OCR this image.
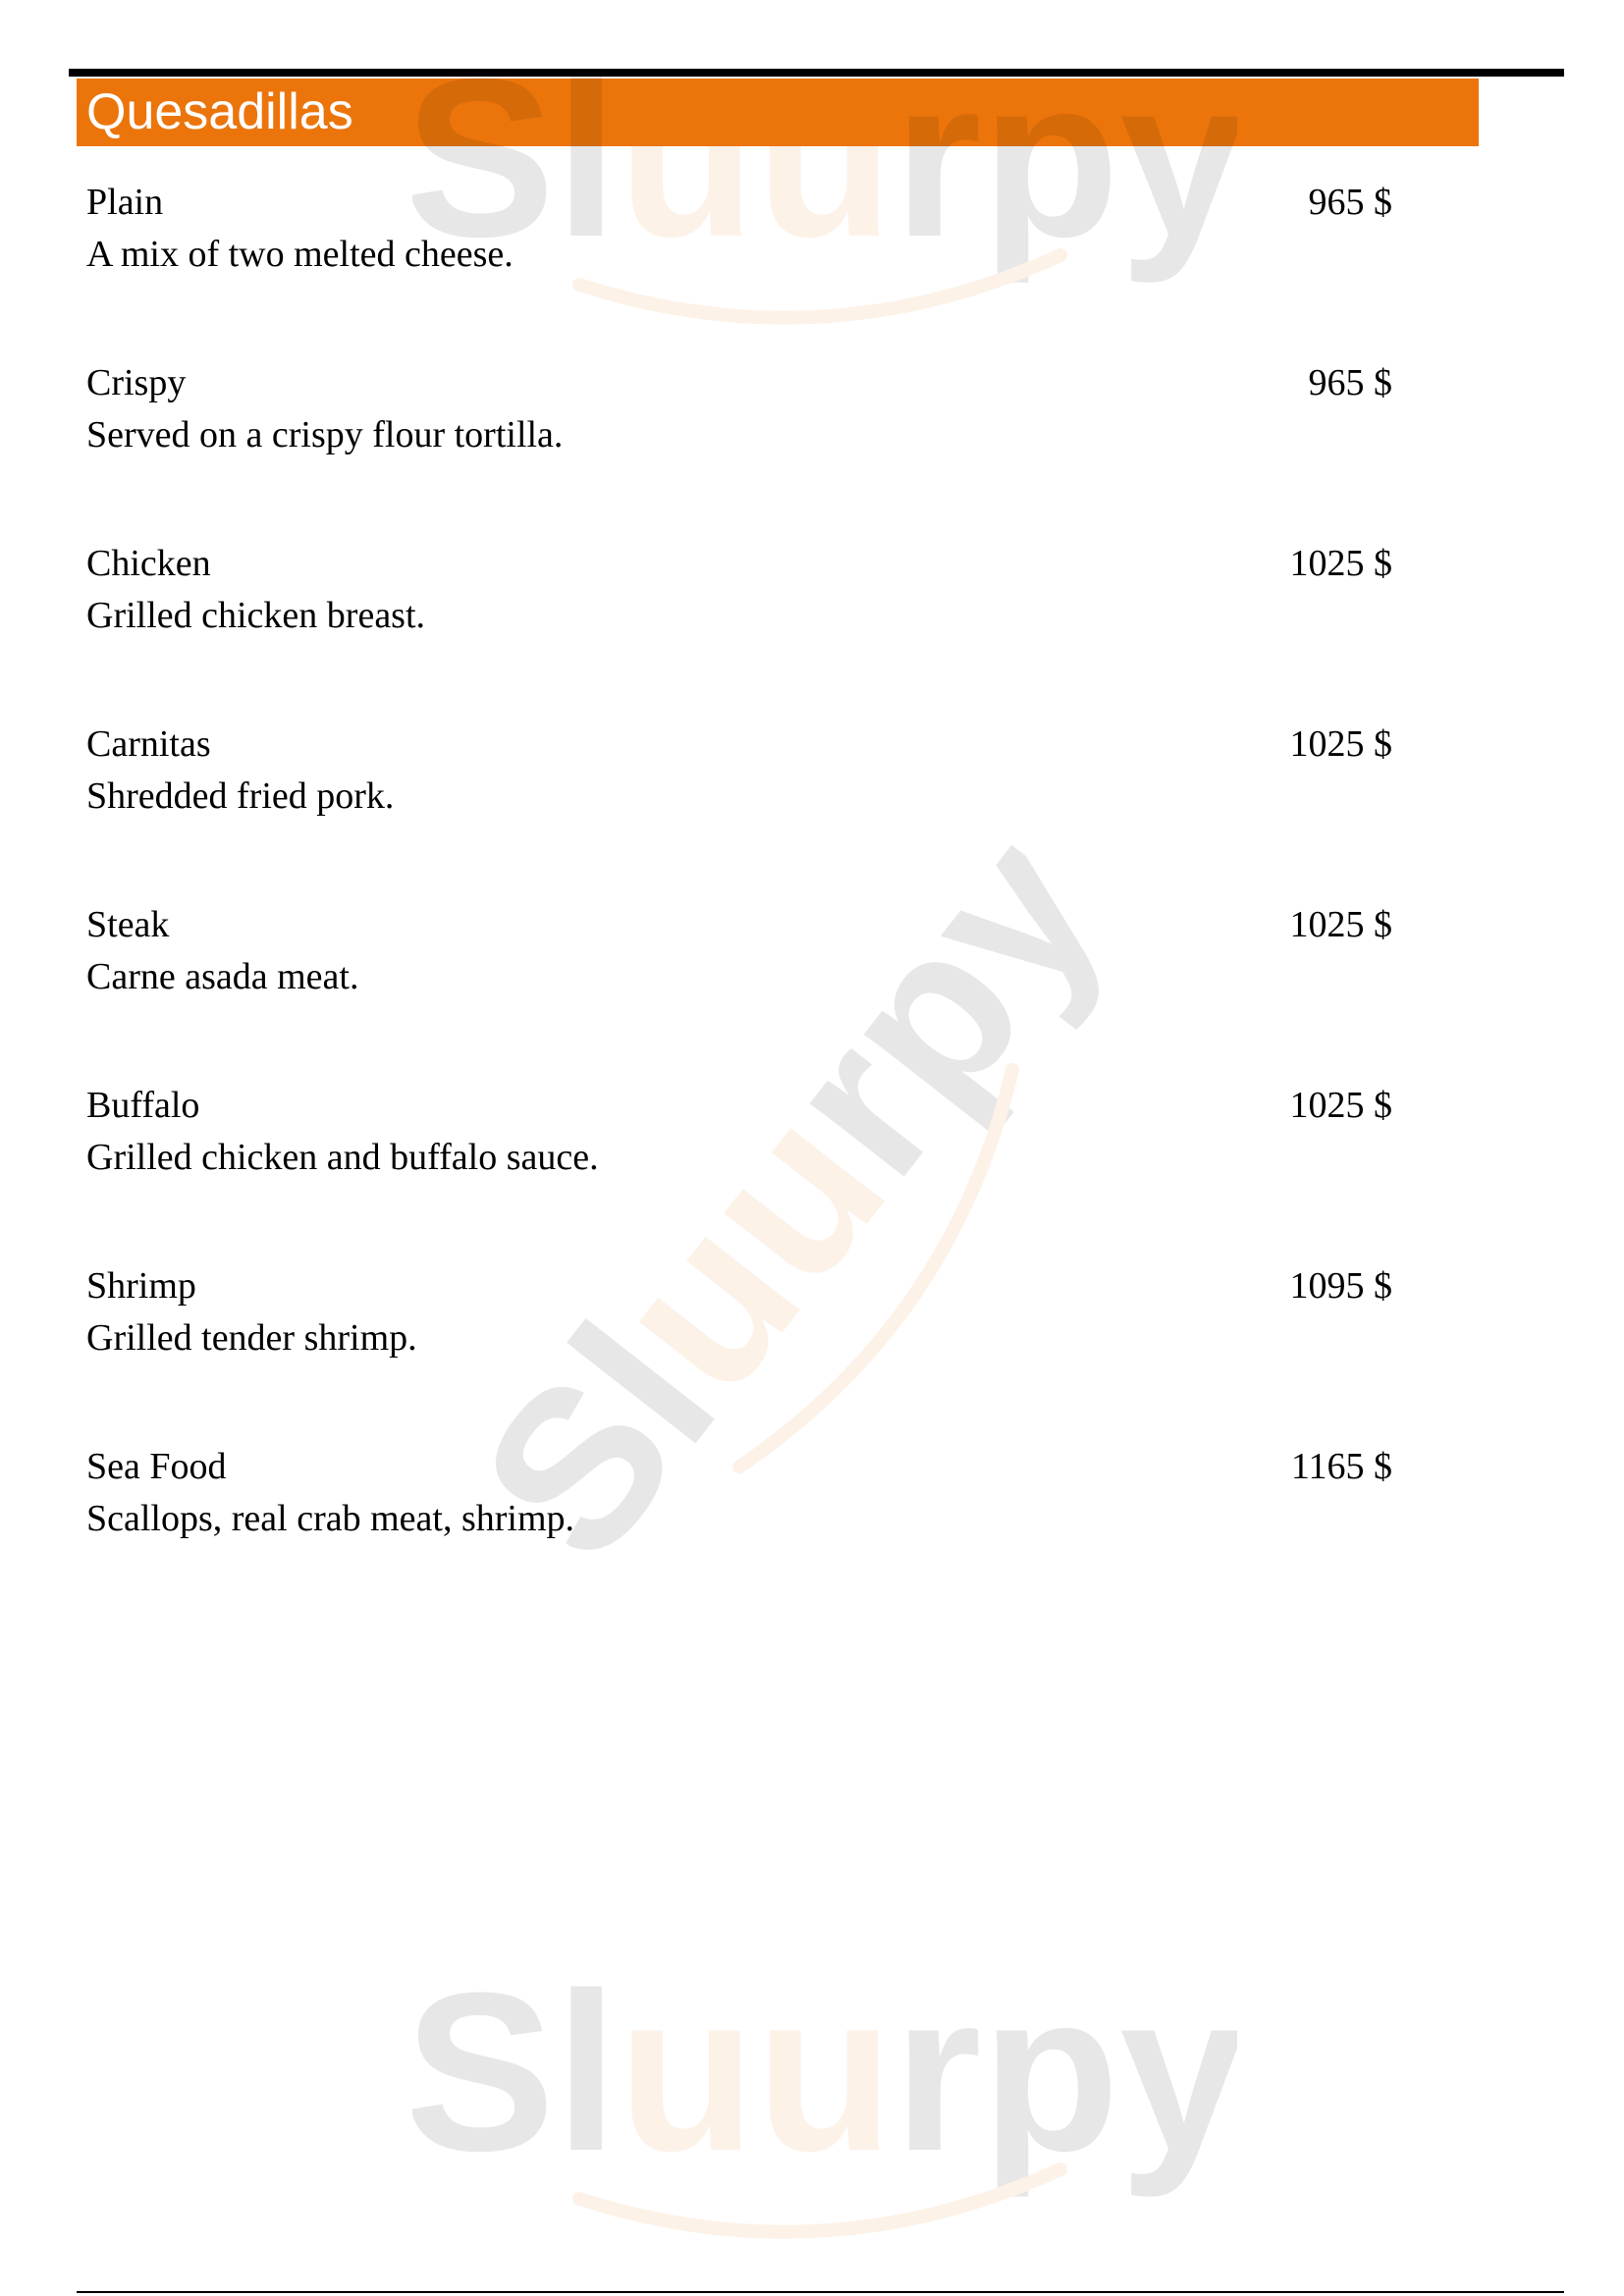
Quesadillas
Plain
A mix of two melted cheese.
965 $
Crispy
Served on a crispy flour tortilla.
965 $
Chicken
Grilled chicken breast.
1025 $
Carnitas
Shredded fried pork.
1025 $
Steak
Carne asada meat.
1025 $
Buffalo
Grilled chicken and buffalo sauce.
1025 $
Shrimp
Grilled tender shrimp.
1095 $
Sea Food
Scallops, real crab meat, shrimp.
1165 $
Sluurpy
Sluurpy
Sluurpy
